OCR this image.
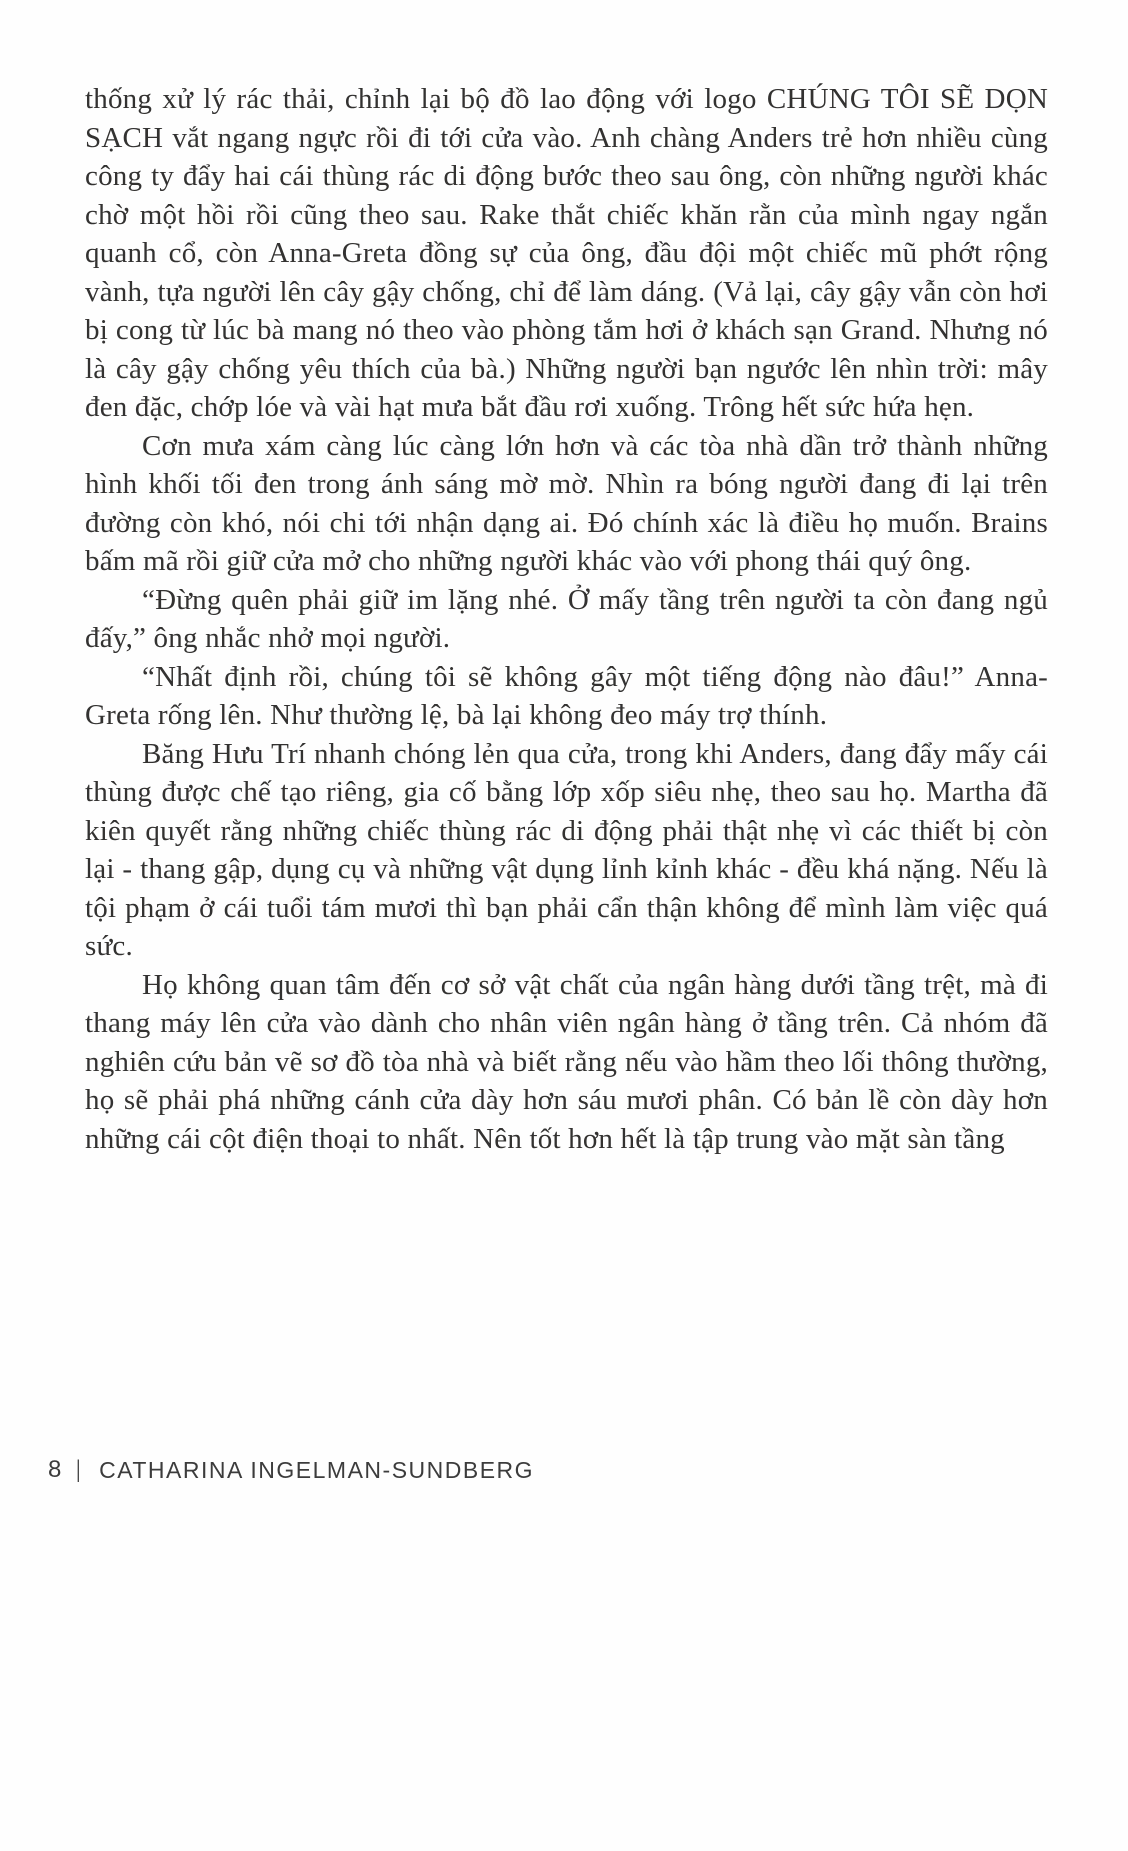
thống xử lý rác thải, chỉnh lại bộ đồ lao động với logo CHÚNG TÔI SẼ DỌN SẠCH vắt ngang ngực rồi đi tới cửa vào. Anh chàng Anders trẻ hơn nhiều cùng công ty đẩy hai cái thùng rác di động bước theo sau ông, còn những người khác chờ một hồi rồi cũng theo sau. Rake thắt chiếc khăn rằn của mình ngay ngắn quanh cổ, còn Anna-Greta đồng sự của ông, đầu đội một chiếc mũ phớt rộng vành, tựa người lên cây gậy chống, chỉ để làm dáng. (Vả lại, cây gậy vẫn còn hơi bị cong từ lúc bà mang nó theo vào phòng tắm hơi ở khách sạn Grand. Nhưng nó là cây gậy chống yêu thích của bà.) Những người bạn ngước lên nhìn trời: mây đen đặc, chớp lóe và vài hạt mưa bắt đầu rơi xuống. Trông hết sức hứa hẹn.

Cơn mưa xám càng lúc càng lớn hơn và các tòa nhà dần trở thành những hình khối tối đen trong ánh sáng mờ mờ. Nhìn ra bóng người đang đi lại trên đường còn khó, nói chi tới nhận dạng ai. Đó chính xác là điều họ muốn. Brains bấm mã rồi giữ cửa mở cho những người khác vào với phong thái quý ông.

“Đừng quên phải giữ im lặng nhé. Ở mấy tầng trên người ta còn đang ngủ đấy,” ông nhắc nhở mọi người.

“Nhất định rồi, chúng tôi sẽ không gây một tiếng động nào đâu!” Anna-Greta rống lên. Như thường lệ, bà lại không đeo máy trợ thính.

Băng Hưu Trí nhanh chóng lẻn qua cửa, trong khi Anders, đang đẩy mấy cái thùng được chế tạo riêng, gia cố bằng lớp xốp siêu nhẹ, theo sau họ. Martha đã kiên quyết rằng những chiếc thùng rác di động phải thật nhẹ vì các thiết bị còn lại - thang gập, dụng cụ và những vật dụng lỉnh kỉnh khác - đều khá nặng. Nếu là tội phạm ở cái tuổi tám mươi thì bạn phải cẩn thận không để mình làm việc quá sức.

Họ không quan tâm đến cơ sở vật chất của ngân hàng dưới tầng trệt, mà đi thang máy lên cửa vào dành cho nhân viên ngân hàng ở tầng trên. Cả nhóm đã nghiên cứu bản vẽ sơ đồ tòa nhà và biết rằng nếu vào hầm theo lối thông thường, họ sẽ phải phá những cánh cửa dày hơn sáu mươi phân. Có bản lề còn dày hơn những cái cột điện thoại to nhất. Nên tốt hơn hết là tập trung vào mặt sàn tầng

8 | CATHARINA INGELMAN-SUNDBERG
